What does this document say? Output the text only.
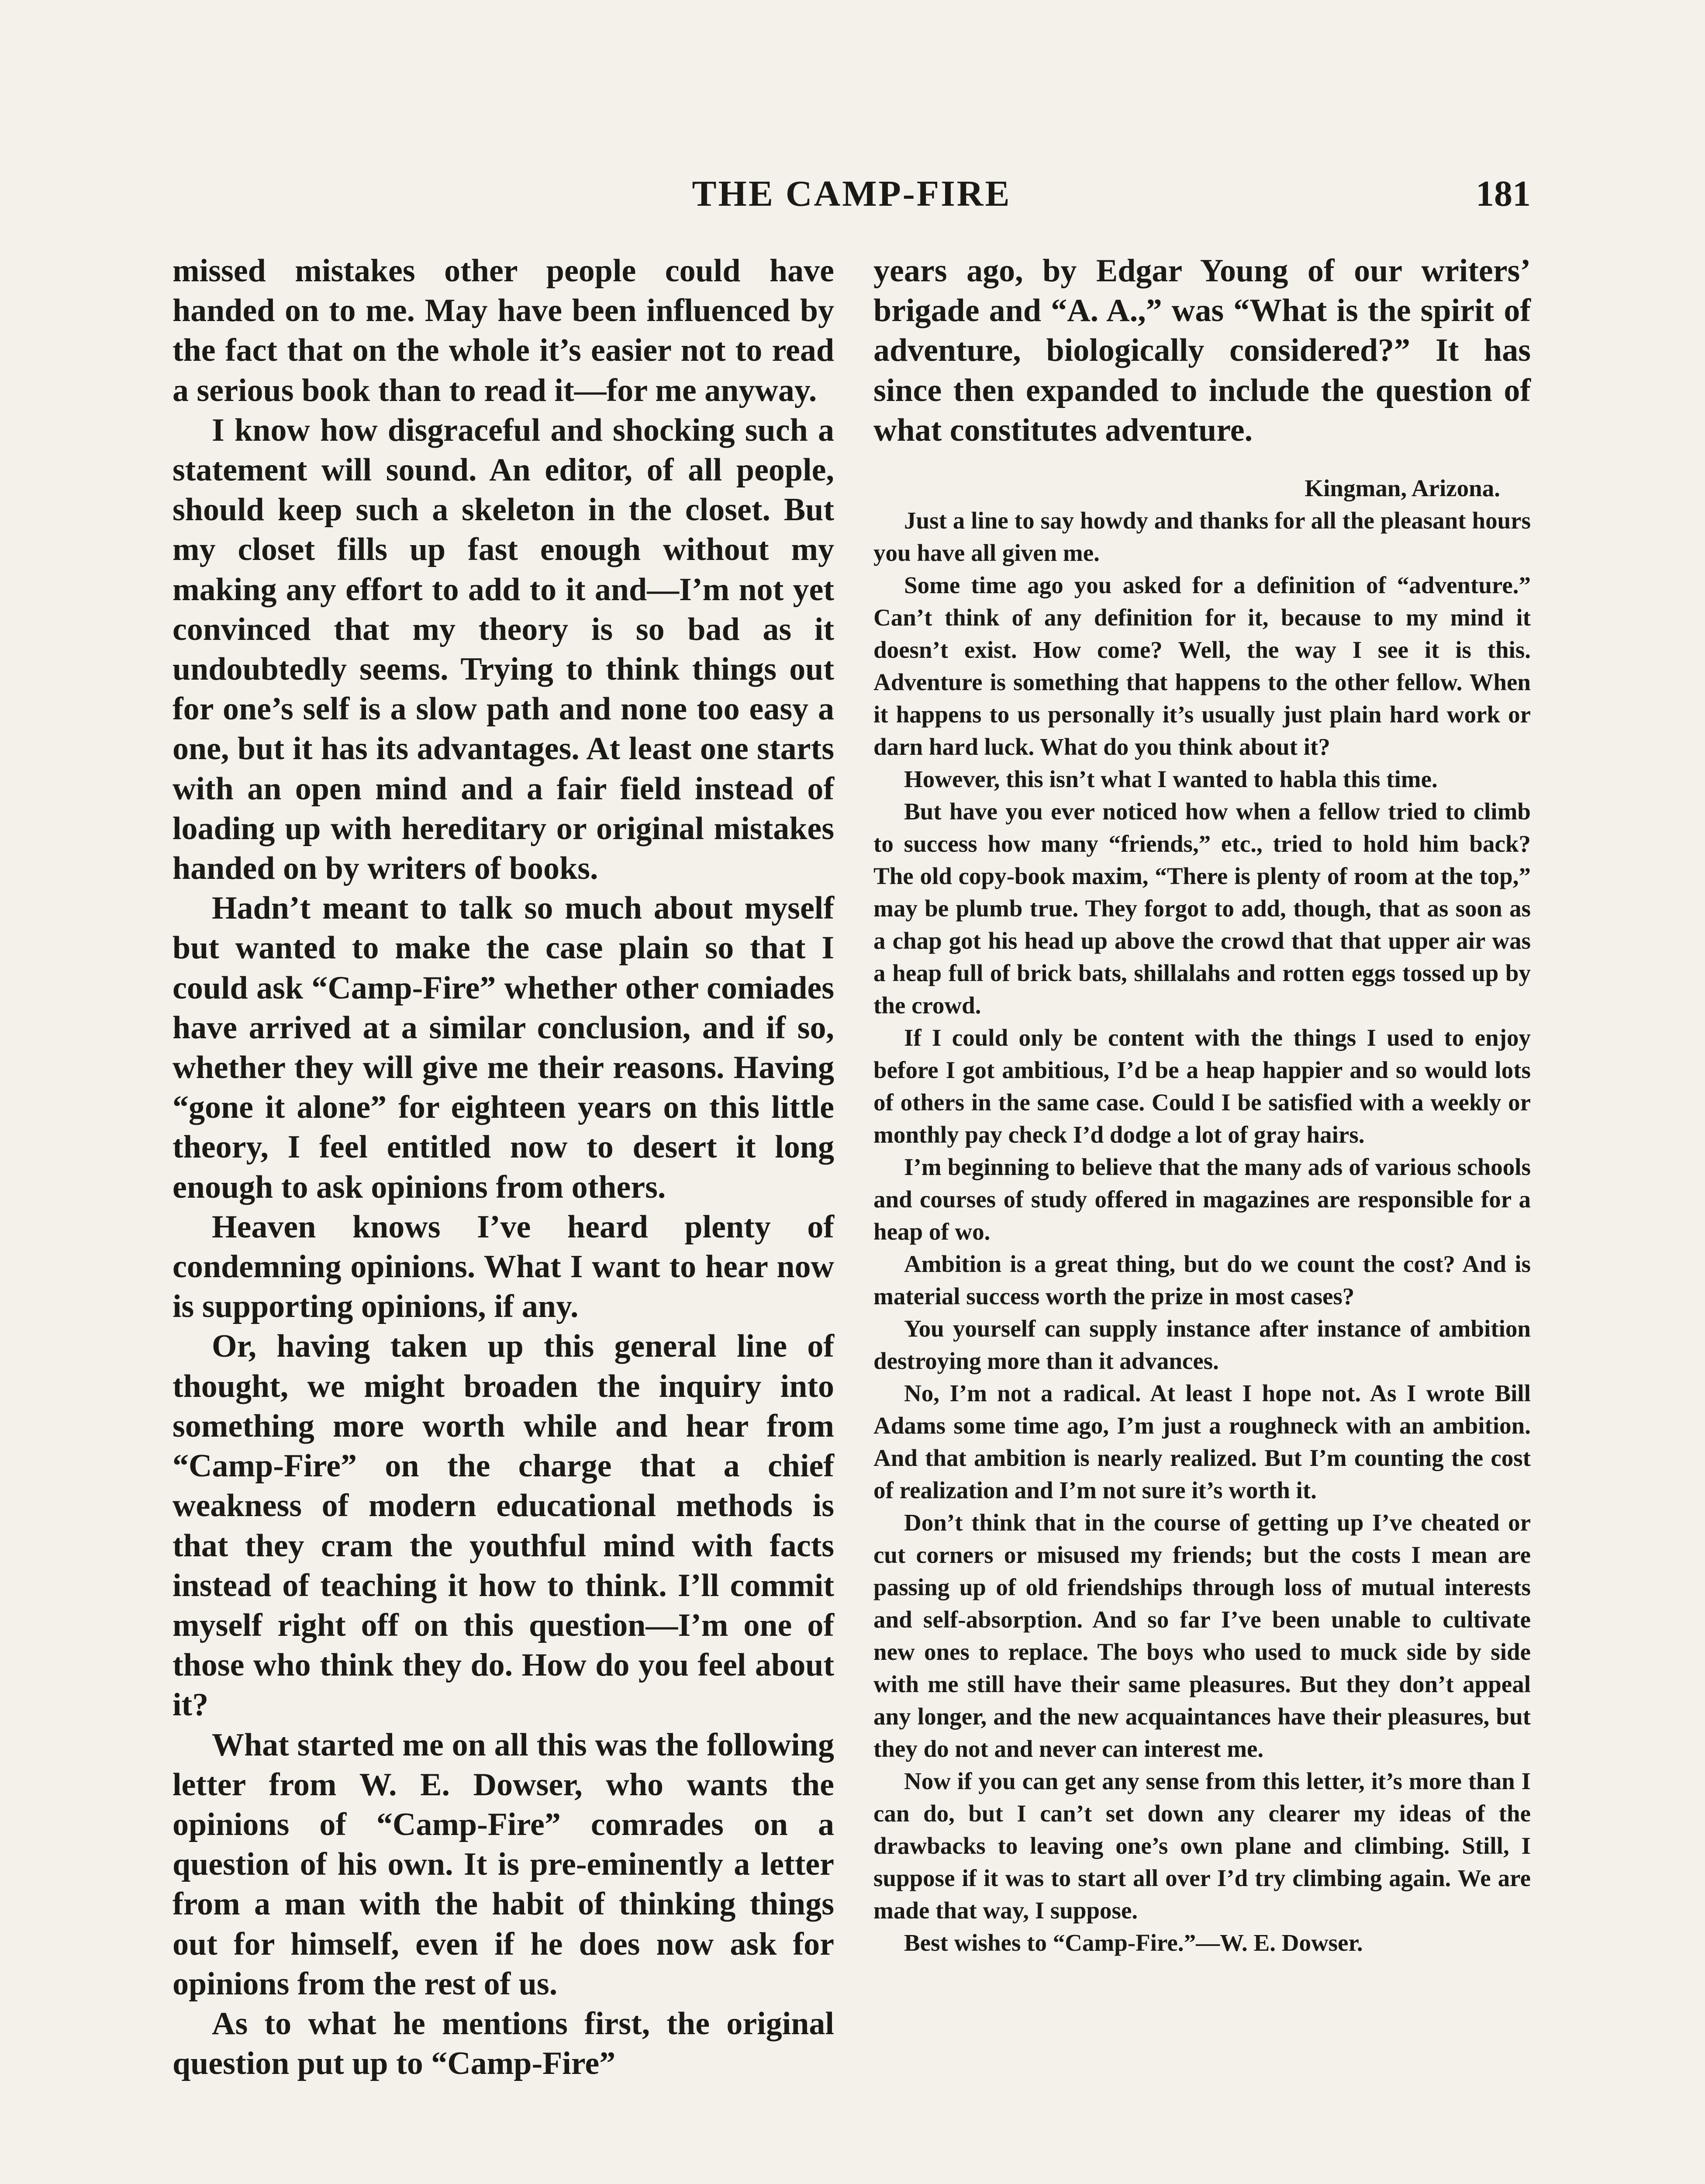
THE CAMP-FIRE	181

missed mistakes other people could have handed on to me. May have been influenced by the fact that on the whole it’s easier not to read a serious book than to read it—for me anyway.

I know how disgraceful and shocking such a statement will sound. An editor, of all people, should keep such a skeleton in the closet. But my closet fills up fast enough without my making any effort to add to it and—I’m not yet convinced that my theory is so bad as it undoubtedly seems. Trying to think things out for one’s self is a slow path and none too easy a one, but it has its advantages. At least one starts with an open mind and a fair field instead of loading up with hereditary or original mistakes handed on by writers of books.

Hadn’t meant to talk so much about myself but wanted to make the case plain so that I could ask “Camp-Fire” whether other comiades have arrived at a similar conclusion, and if so, whether they will give me their reasons. Having “gone it alone” for eighteen years on this little theory, I feel entitled now to desert it long enough to ask opinions from others.

Heaven knows I’ve heard plenty of condemning opinions. What I want to hear now is supporting opinions, if any.

Or, having taken up this general line of thought, we might broaden the inquiry into something more worth while and hear from “Camp-Fire” on the charge that a chief weakness of modern educational methods is that they cram the youthful mind with facts instead of teaching it how to think. I’ll commit myself right off on this question—I’m one of those who think they do. How do you feel about it?

What started me on all this was the following letter from W. E. Dowser, who wants the opinions of “Camp-Fire” comrades on a question of his own. It is pre-eminently a letter from a man with the habit of thinking things out for himself, even if he does now ask for opinions from the rest of us.

As to what he mentions first, the original question put up to “Camp-Fire”

years ago, by Edgar Young of our writers’ brigade and “A. A.,” was “What is the spirit of adventure, biologically considered?” It has since then expanded to include the question of what constitutes adventure.

Kingman, Arizona.

Just a line to say howdy and thanks for all the pleasant hours you have all given me.

Some time ago you asked for a definition of “adventure.” Can’t think of any definition for it, because to my mind it doesn’t exist. How come? Well, the way I see it is this. Adventure is something that happens to the other fellow. When it happens to us personally it’s usually just plain hard work or darn hard luck. What do you think about it?

However, this isn’t what I wanted to habla this time.

But have you ever noticed how when a fellow tried to climb to success how many “friends,” etc., tried to hold him back? The old copy-book maxim, “There is plenty of room at the top,” may be plumb true. They forgot to add, though, that as soon as a chap got his head up above the crowd that that upper air was a heap full of brick bats, shillalahs and rotten eggs tossed up by the crowd.

If I could only be content with the things I used to enjoy before I got ambitious, I’d be a heap happier and so would lots of others in the same case. Could I be satisfied with a weekly or monthly pay check I’d dodge a lot of gray hairs.

I’m beginning to believe that the many ads of various schools and courses of study offered in magazines are responsible for a heap of wo.

Ambition is a great thing, but do we count the cost? And is material success worth the prize in most cases?

You yourself can supply instance after instance of ambition destroying more than it advances.

No, I’m not a radical. At least I hope not. As I wrote Bill Adams some time ago, I’m just a roughneck with an ambition. And that ambition is nearly realized. But I’m counting the cost of realization and I’m not sure it’s worth it.

Don’t think that in the course of getting up I’ve cheated or cut corners or misused my friends; but the costs I mean are passing up of old friendships through loss of mutual interests and self-absorption. And so far I’ve been unable to cultivate new ones to replace. The boys who used to muck side by side with me still have their same pleasures. But they don’t appeal any longer, and the new acquaintances have their pleasures, but they do not and never can interest me.

Now if you can get any sense from this letter, it’s more than I can do, but I can’t set down any clearer my ideas of the drawbacks to leaving one’s own plane and climbing. Still, I suppose if it was to start all over I’d try climbing again. We are made that way, I suppose.

Best wishes to “Camp-Fire.”—W. E. Dowser.
